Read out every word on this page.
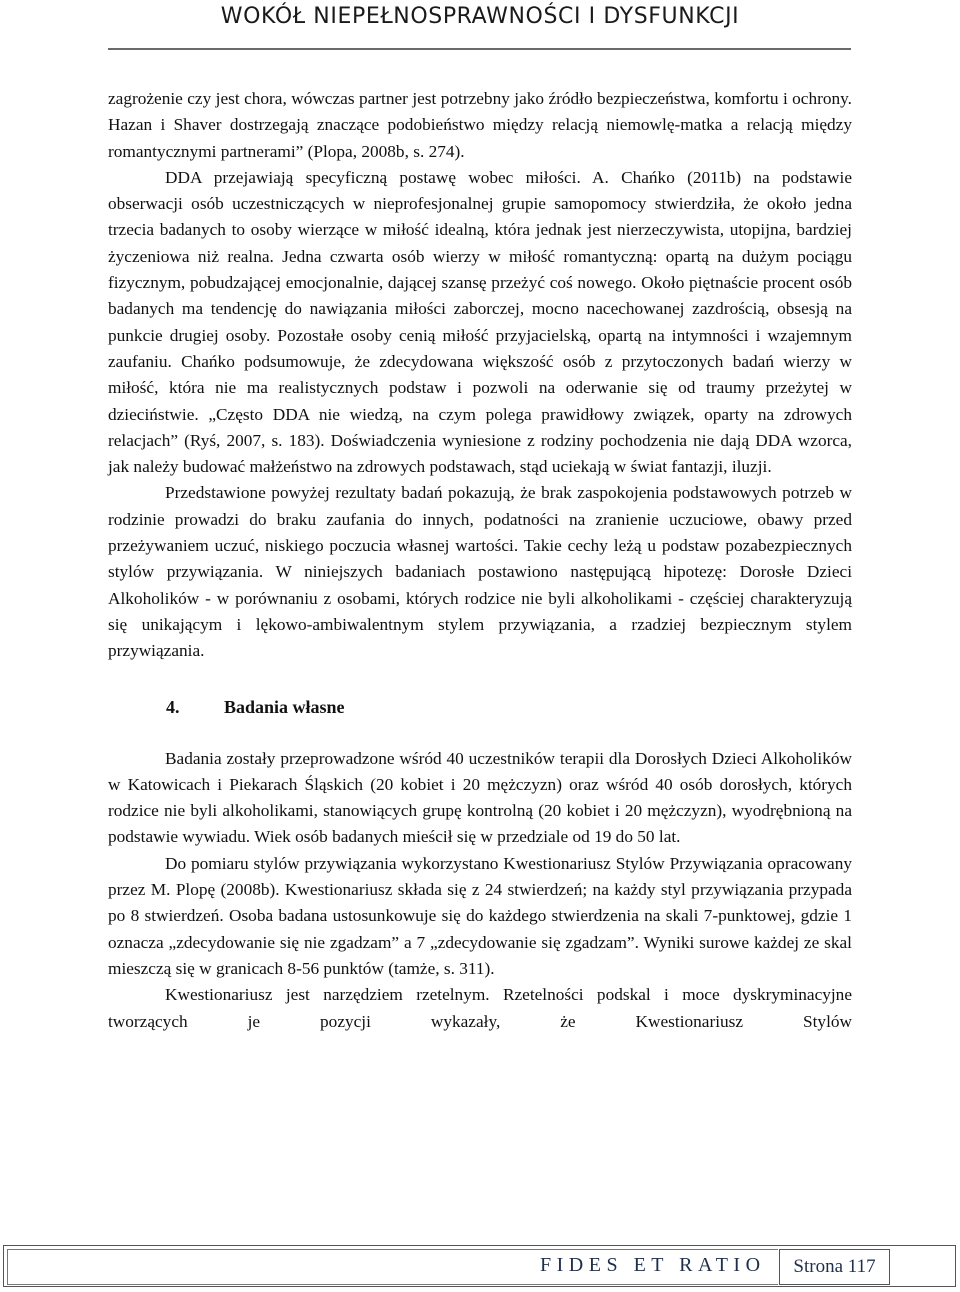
WOKÓŁ NIEPEŁNOSPRAWNOŚCI I DYSFUNKCJI

zagrożenie czy jest chora, wówczas partner jest potrzebny jako źródło bezpieczeństwa, komfortu i ochrony. Hazan i Shaver dostrzegają znaczące podobieństwo między relacją niemowlę-matka a relacją między romantycznymi partnerami” (Plopa, 2008b, s. 274).

DDA przejawiają specyficzną postawę wobec miłości. A. Chańko (2011b) na podstawie obserwacji osób uczestniczących w nieprofesjonalnej grupie samopomocy stwierdziła, że około jedna trzecia badanych to osoby wierzące w miłość idealną, która jednak jest nierzeczywista, utopijna, bardziej życzeniowa niż realna. Jedna czwarta osób wierzy w miłość romantyczną: opartą na dużym pociągu fizycznym, pobudzającej emocjonalnie, dającej szansę przeżyć coś nowego. Około piętnaście procent osób badanych ma tendencję do nawiązania miłości zaborczej, mocno nacechowanej zazdrością, obsesją na punkcie drugiej osoby. Pozostałe osoby cenią miłość przyjacielską, opartą na intymności i wzajemnym zaufaniu. Chańko podsumowuje, że zdecydowana większość osób z przytoczonych badań wierzy w miłość, która nie ma realistycznych podstaw i pozwoli na oderwanie się od traumy przeżytej w dzieciństwie. „Często DDA nie wiedzą, na czym polega prawidłowy związek, oparty na zdrowych relacjach” (Ryś, 2007, s. 183). Doświadczenia wyniesione z rodziny pochodzenia nie dają DDA wzorca, jak należy budować małżeństwo na zdrowych podstawach, stąd uciekają w świat fantazji, iluzji.

Przedstawione powyżej rezultaty badań pokazują, że brak zaspokojenia podstawowych potrzeb w rodzinie prowadzi do braku zaufania do innych, podatności na zranienie uczuciowe, obawy przed przeżywaniem uczuć, niskiego poczucia własnej wartości. Takie cechy leżą u podstaw pozabezpiecznych stylów przywiązania. W niniejszych badaniach postawiono następującą hipotezę: Dorosłe Dzieci Alkoholików - w porównaniu z osobami, których rodzice nie byli alkoholikami - częściej charakteryzują się unikającym i lękowo-ambiwalentnym stylem przywiązania, a rzadziej bezpiecznym stylem przywiązania.

4. Badania własne

Badania zostały przeprowadzone wśród 40 uczestników terapii dla Dorosłych Dzieci Alkoholików w Katowicach i Piekarach Śląskich (20 kobiet i 20 mężczyzn) oraz wśród 40 osób dorosłych, których rodzice nie byli alkoholikami, stanowiących grupę kontrolną (20 kobiet i 20 mężczyzn), wyodrębnioną na podstawie wywiadu. Wiek osób badanych mieścił się w przedziale od 19 do 50 lat.

Do pomiaru stylów przywiązania wykorzystano Kwestionariusz Stylów Przywiązania opracowany przez M. Plopę (2008b). Kwestionariusz składa się z 24 stwierdzeń; na każdy styl przywiązania przypada po 8 stwierdzeń. Osoba badana ustosunkowuje się do każdego stwierdzenia na skali 7-punktowej, gdzie 1 oznacza „zdecydowanie się nie zgadzam” a 7 „zdecydowanie się zgadzam”. Wyniki surowe każdej ze skal mieszczą się w granicach 8-56 punktów (tamże, s. 311).

Kwestionariusz jest narzędziem rzetelnym. Rzetelności podskal i moce dyskryminacyjne tworzących je pozycji wykazały, że Kwestionariusz Stylów

FIDES ET RATIO	Strona 117
